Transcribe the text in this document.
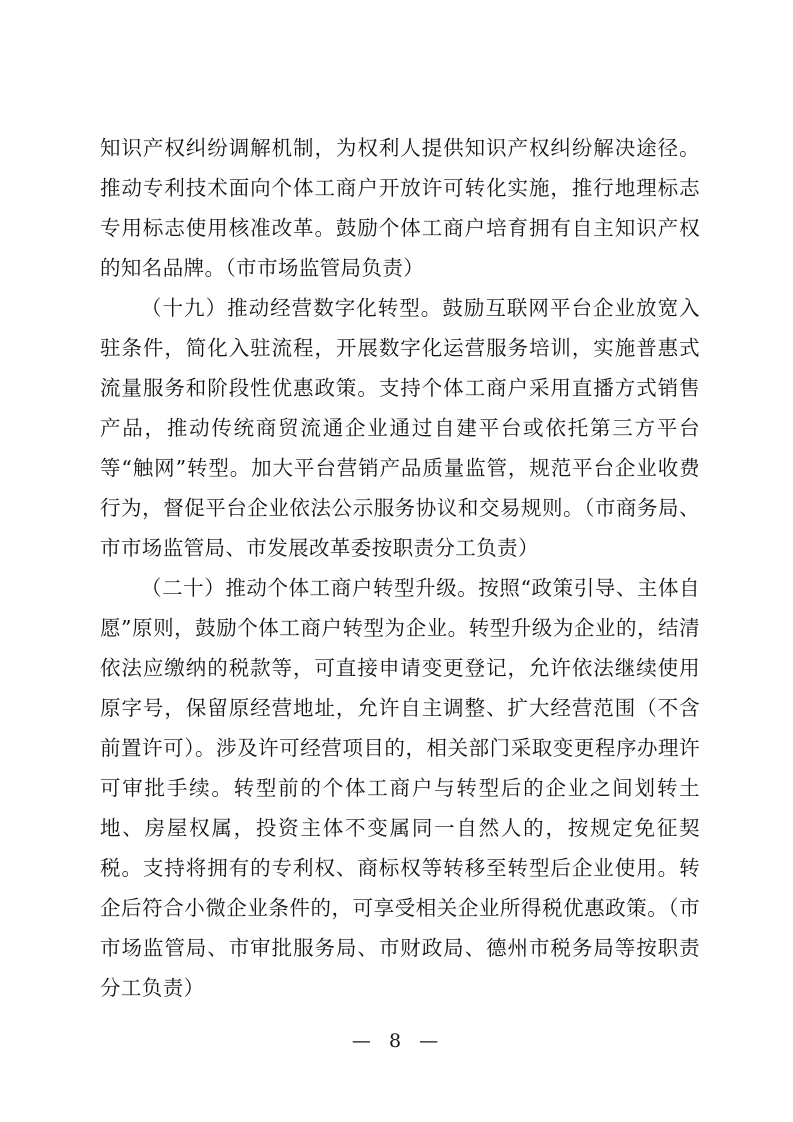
知识产权纠纷调解机制，为权利人提供知识产权纠纷解决途径。推动专利技术面向个体工商户开放许可转化实施，推行地理标志专用标志使用核准改革。鼓励个体工商户培育拥有自主知识产权的知名品牌。（市市场监管局负责）

（十九）推动经营数字化转型。鼓励互联网平台企业放宽入驻条件，简化入驻流程，开展数字化运营服务培训，实施普惠式流量服务和阶段性优惠政策。支持个体工商户采用直播方式销售产品，推动传统商贸流通企业通过自建平台或依托第三方平台等“触网”转型。加大平台营销产品质量监管，规范平台企业收费行为，督促平台企业依法公示服务协议和交易规则。（市商务局、市市场监管局、市发展改革委按职责分工负责）

（二十）推动个体工商户转型升级。按照“政策引导、主体自愿”原则，鼓励个体工商户转型为企业。转型升级为企业的，结清依法应缴纳的税款等，可直接申请变更登记，允许依法继续使用原字号，保留原经营地址，允许自主调整、扩大经营范围（不含前置许可）。涉及许可经营项目的，相关部门采取变更程序办理许可审批手续。转型前的个体工商户与转型后的企业之间划转土地、房屋权属，投资主体不变属同一自然人的，按规定免征契税。支持将拥有的专利权、商标权等转移至转型后企业使用。转企后符合小微企业条件的，可享受相关企业所得税优惠政策。（市市场监管局、市审批服务局、市财政局、德州市税务局等按职责分工负责）

— 8 —
